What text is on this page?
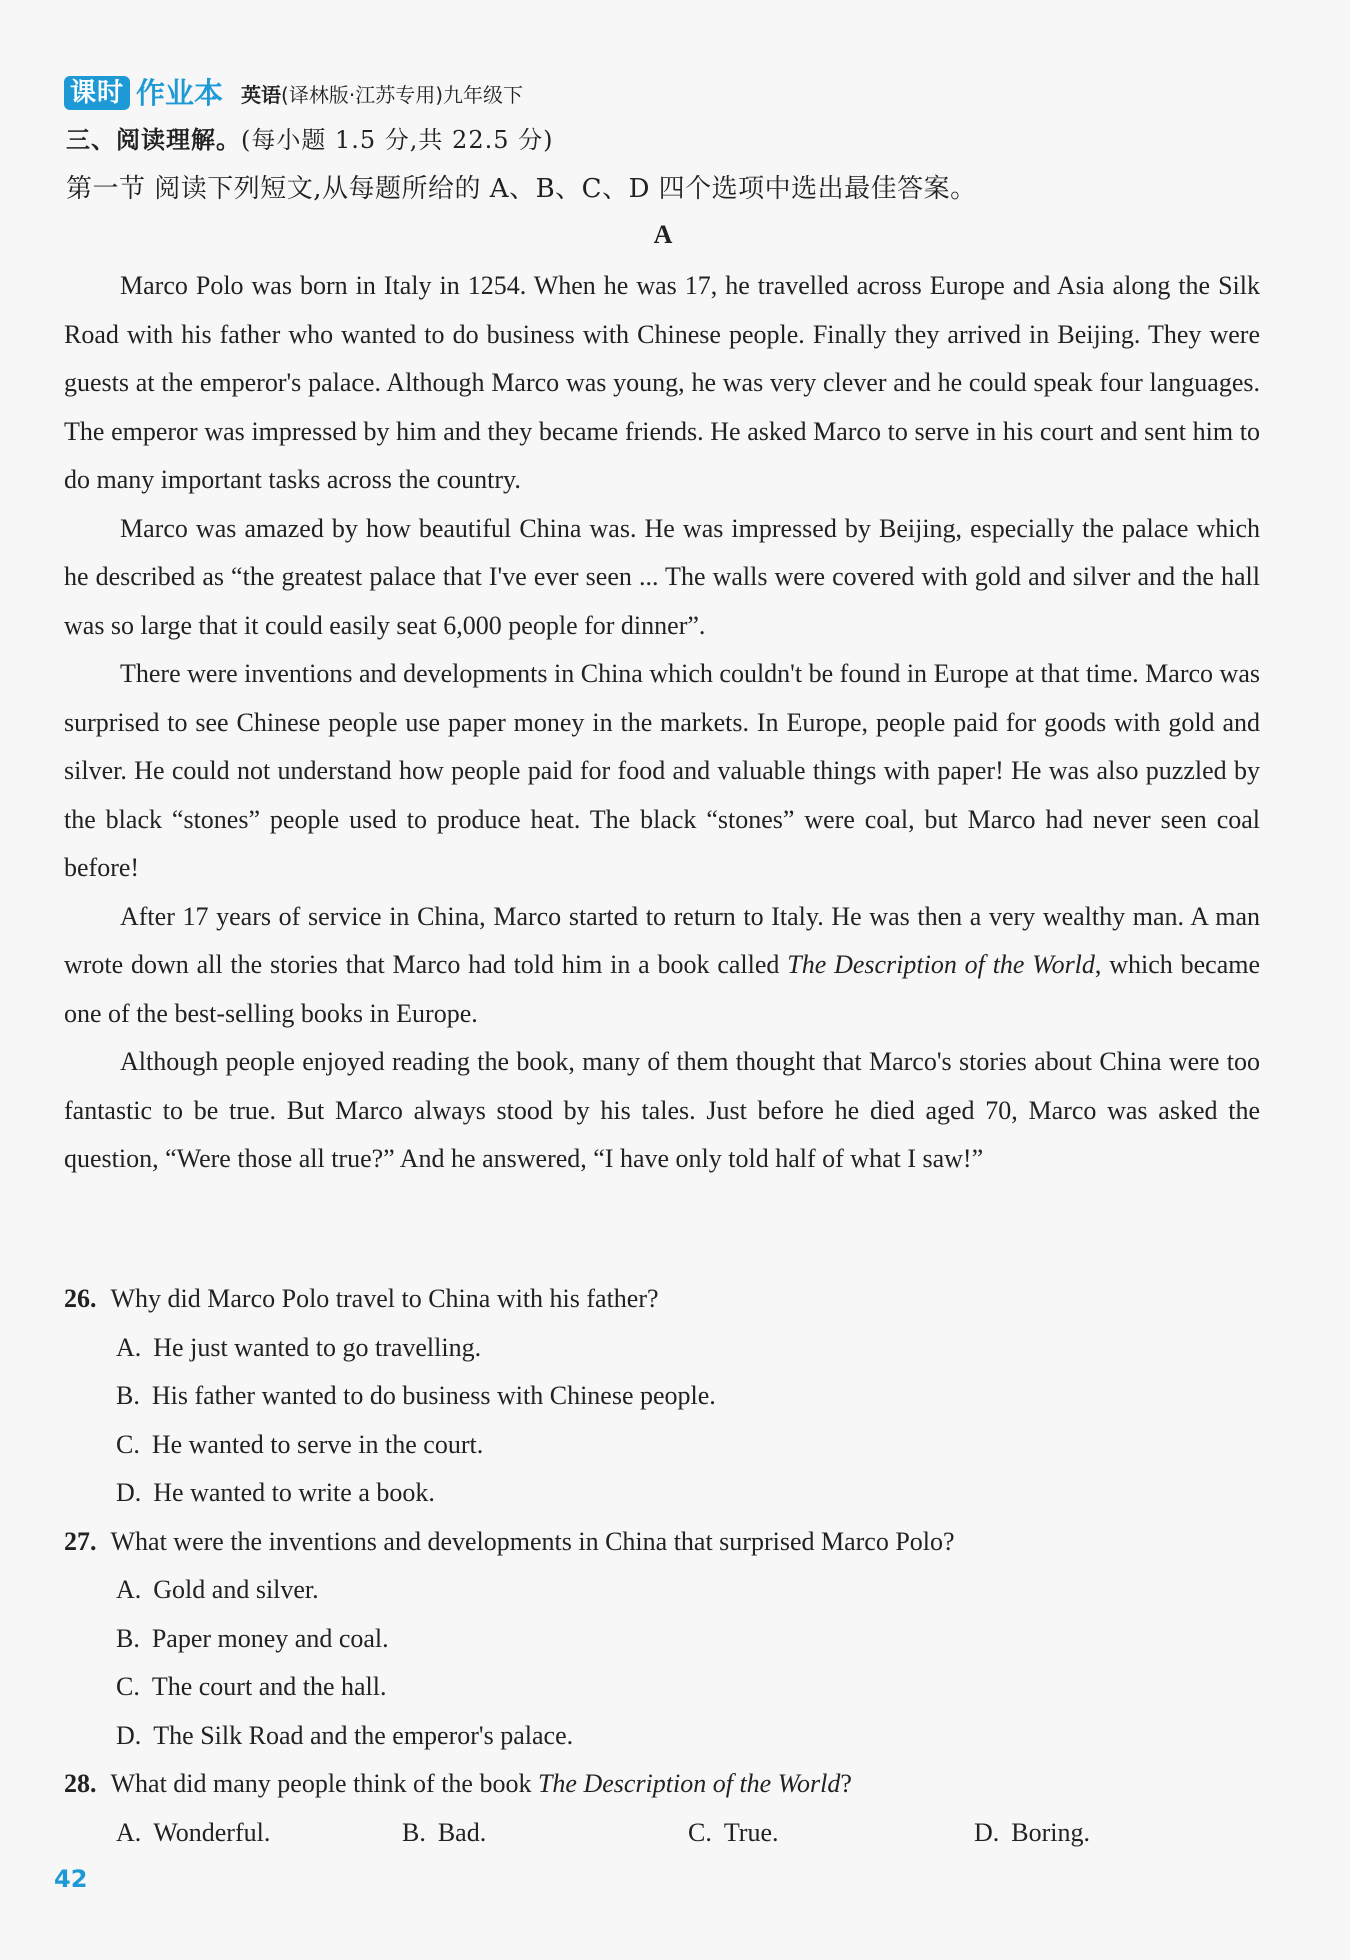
课时 作业本 英语(译林版·江苏专用)九年级下
三、阅读理解。(每小题 1.5 分,共 22.5 分)
第一节 阅读下列短文,从每题所给的 A、B、C、D 四个选项中选出最佳答案。
A

Marco Polo was born in Italy in 1254. When he was 17, he travelled across Europe and Asia along the Silk Road with his father who wanted to do business with Chinese people. Finally they arrived in Beijing. They were guests at the emperor's palace. Although Marco was young, he was very clever and he could speak four languages. The emperor was impressed by him and they became friends. He asked Marco to serve in his court and sent him to do many important tasks across the country.

Marco was amazed by how beautiful China was. He was impressed by Beijing, especially the palace which he described as “the greatest palace that I've ever seen ... The walls were covered with gold and silver and the hall was so large that it could easily seat 6,000 people for dinner”.

There were inventions and developments in China which couldn't be found in Europe at that time. Marco was surprised to see Chinese people use paper money in the markets. In Europe, people paid for goods with gold and silver. He could not understand how people paid for food and valuable things with paper! He was also puzzled by the black “stones” people used to produce heat. The black “stones” were coal, but Marco had never seen coal before!

After 17 years of service in China, Marco started to return to Italy. He was then a very wealthy man. A man wrote down all the stories that Marco had told him in a book called The Description of the World, which became one of the best-selling books in Europe.

Although people enjoyed reading the book, many of them thought that Marco's stories about China were too fantastic to be true. But Marco always stood by his tales. Just before he died aged 70, Marco was asked the question, “Were those all true?” And he answered, “I have only told half of what I saw!”

26. Why did Marco Polo travel to China with his father?
A. He just wanted to go travelling.
B. His father wanted to do business with Chinese people.
C. He wanted to serve in the court.
D. He wanted to write a book.
27. What were the inventions and developments in China that surprised Marco Polo?
A. Gold and silver.
B. Paper money and coal.
C. The court and the hall.
D. The Silk Road and the emperor's palace.
28. What did many people think of the book The Description of the World?
A. Wonderful.	B. Bad.	C. True.	D. Boring.
42
